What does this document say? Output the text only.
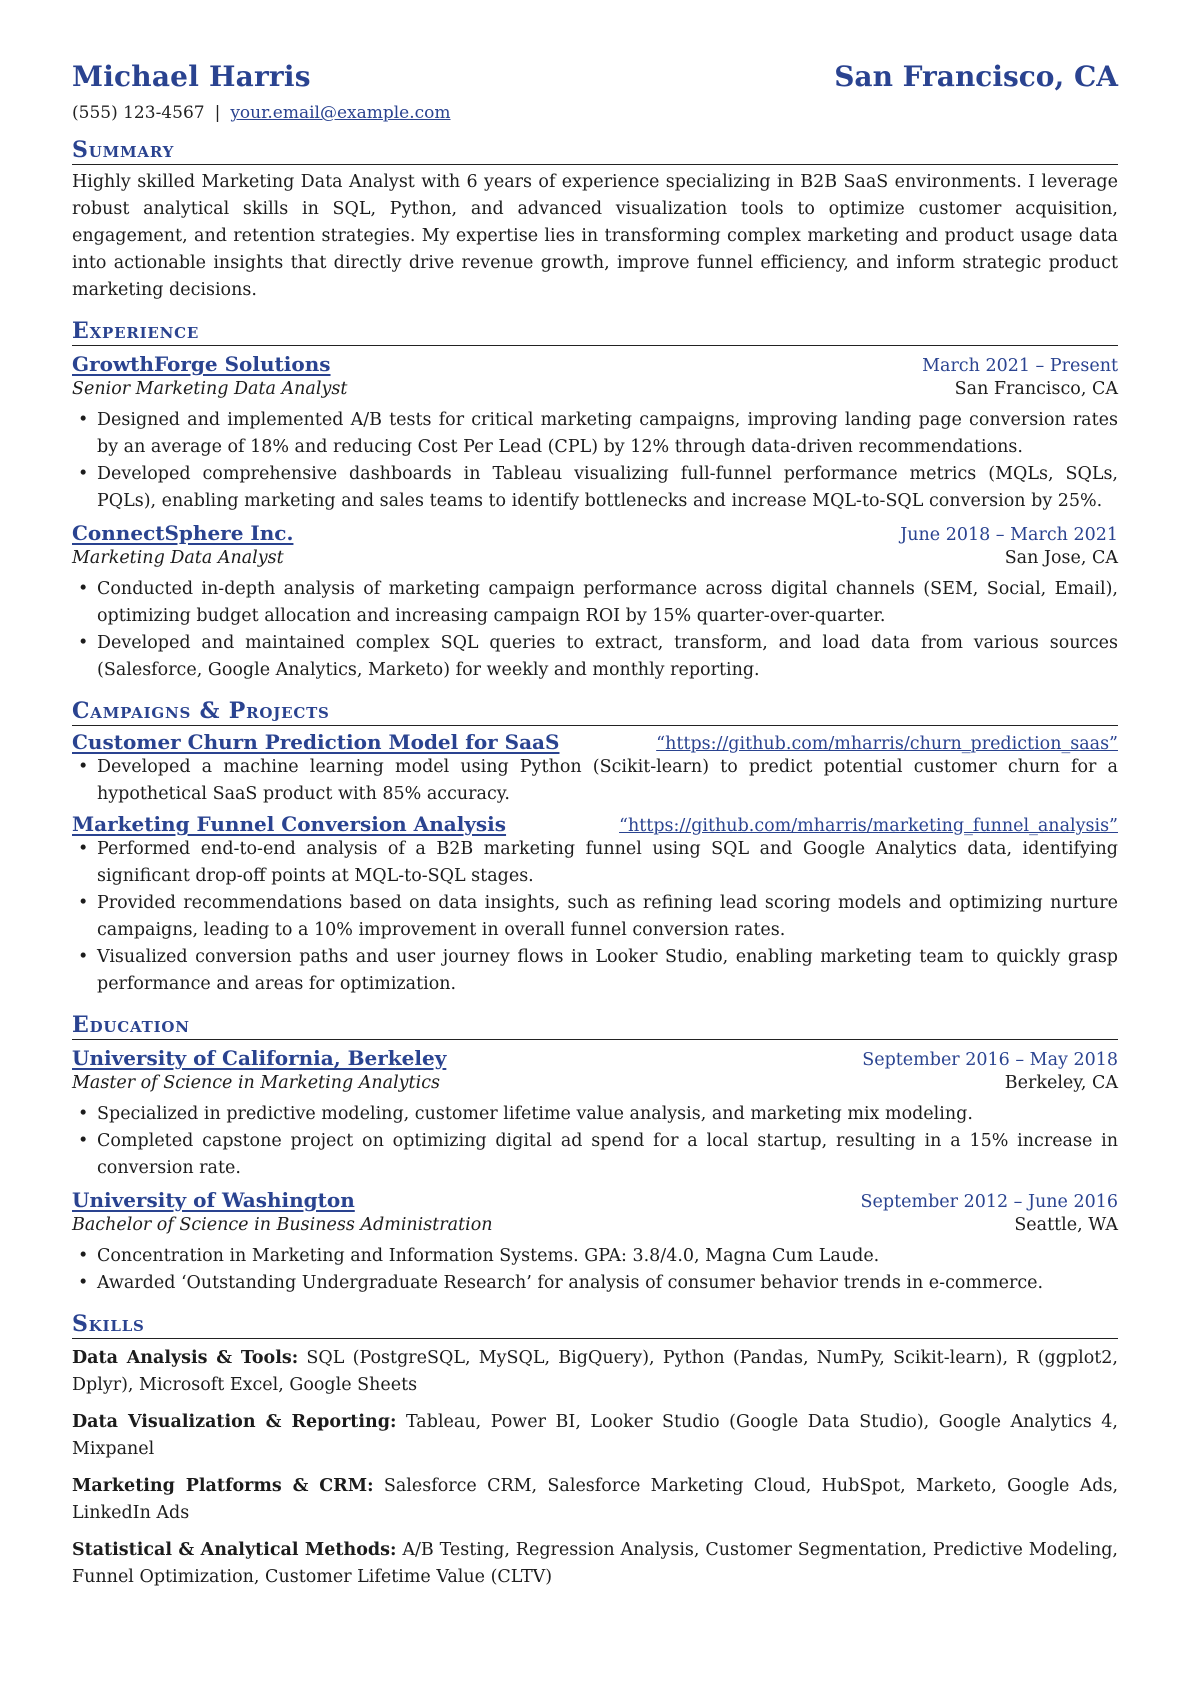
Michael Harris	San Francisco, CA
(555) 123-4567 | your.email@example.com
Summary
Highly skilled Marketing Data Analyst with 6 years of experience specializing in B2B SaaS environments. I leverage robust analytical skills in SQL, Python, and advanced visualization tools to optimize customer acquisition, engagement, and retention strategies. My expertise lies in transforming complex marketing and product usage data into actionable insights that directly drive revenue growth, improve funnel efficiency, and inform strategic product marketing decisions.
Experience
GrowthForge Solutions	March 2021 – Present
Senior Marketing Data Analyst	San Francisco, CA
• Designed and implemented A/B tests for critical marketing campaigns, improving landing page conversion rates by an average of 18% and reducing Cost Per Lead (CPL) by 12% through data-driven recommendations.
• Developed comprehensive dashboards in Tableau visualizing full-funnel performance metrics (MQLs, SQLs, PQLs), enabling marketing and sales teams to identify bottlenecks and increase MQL-to-SQL conversion by 25%.
ConnectSphere Inc.	June 2018 – March 2021
Marketing Data Analyst	San Jose, CA
• Conducted in-depth analysis of marketing campaign performance across digital channels (SEM, Social, Email), optimizing budget allocation and increasing campaign ROI by 15% quarter-over-quarter.
• Developed and maintained complex SQL queries to extract, transform, and load data from various sources (Salesforce, Google Analytics, Marketo) for weekly and monthly reporting.
Campaigns & Projects
Customer Churn Prediction Model for SaaS	“https://github.com/mharris/churn_prediction_saas”
• Developed a machine learning model using Python (Scikit-learn) to predict potential customer churn for a hypothetical SaaS product with 85% accuracy.
Marketing Funnel Conversion Analysis	“https://github.com/mharris/marketing_funnel_analysis”
• Performed end-to-end analysis of a B2B marketing funnel using SQL and Google Analytics data, identifying significant drop-off points at MQL-to-SQL stages.
• Provided recommendations based on data insights, such as refining lead scoring models and optimizing nurture campaigns, leading to a 10% improvement in overall funnel conversion rates.
• Visualized conversion paths and user journey flows in Looker Studio, enabling marketing team to quickly grasp performance and areas for optimization.
Education
University of California, Berkeley	September 2016 – May 2018
Master of Science in Marketing Analytics	Berkeley, CA
• Specialized in predictive modeling, customer lifetime value analysis, and marketing mix modeling.
• Completed capstone project on optimizing digital ad spend for a local startup, resulting in a 15% increase in conversion rate.
University of Washington	September 2012 – June 2016
Bachelor of Science in Business Administration	Seattle, WA
• Concentration in Marketing and Information Systems. GPA: 3.8/4.0, Magna Cum Laude.
• Awarded ‘Outstanding Undergraduate Research’ for analysis of consumer behavior trends in e-commerce.
Skills
Data Analysis & Tools: SQL (PostgreSQL, MySQL, BigQuery), Python (Pandas, NumPy, Scikit-learn), R (ggplot2, Dplyr), Microsoft Excel, Google Sheets
Data Visualization & Reporting: Tableau, Power BI, Looker Studio (Google Data Studio), Google Analytics 4, Mixpanel
Marketing Platforms & CRM: Salesforce CRM, Salesforce Marketing Cloud, HubSpot, Marketo, Google Ads, LinkedIn Ads
Statistical & Analytical Methods: A/B Testing, Regression Analysis, Customer Segmentation, Predictive Modeling, Funnel Optimization, Customer Lifetime Value (CLTV)
